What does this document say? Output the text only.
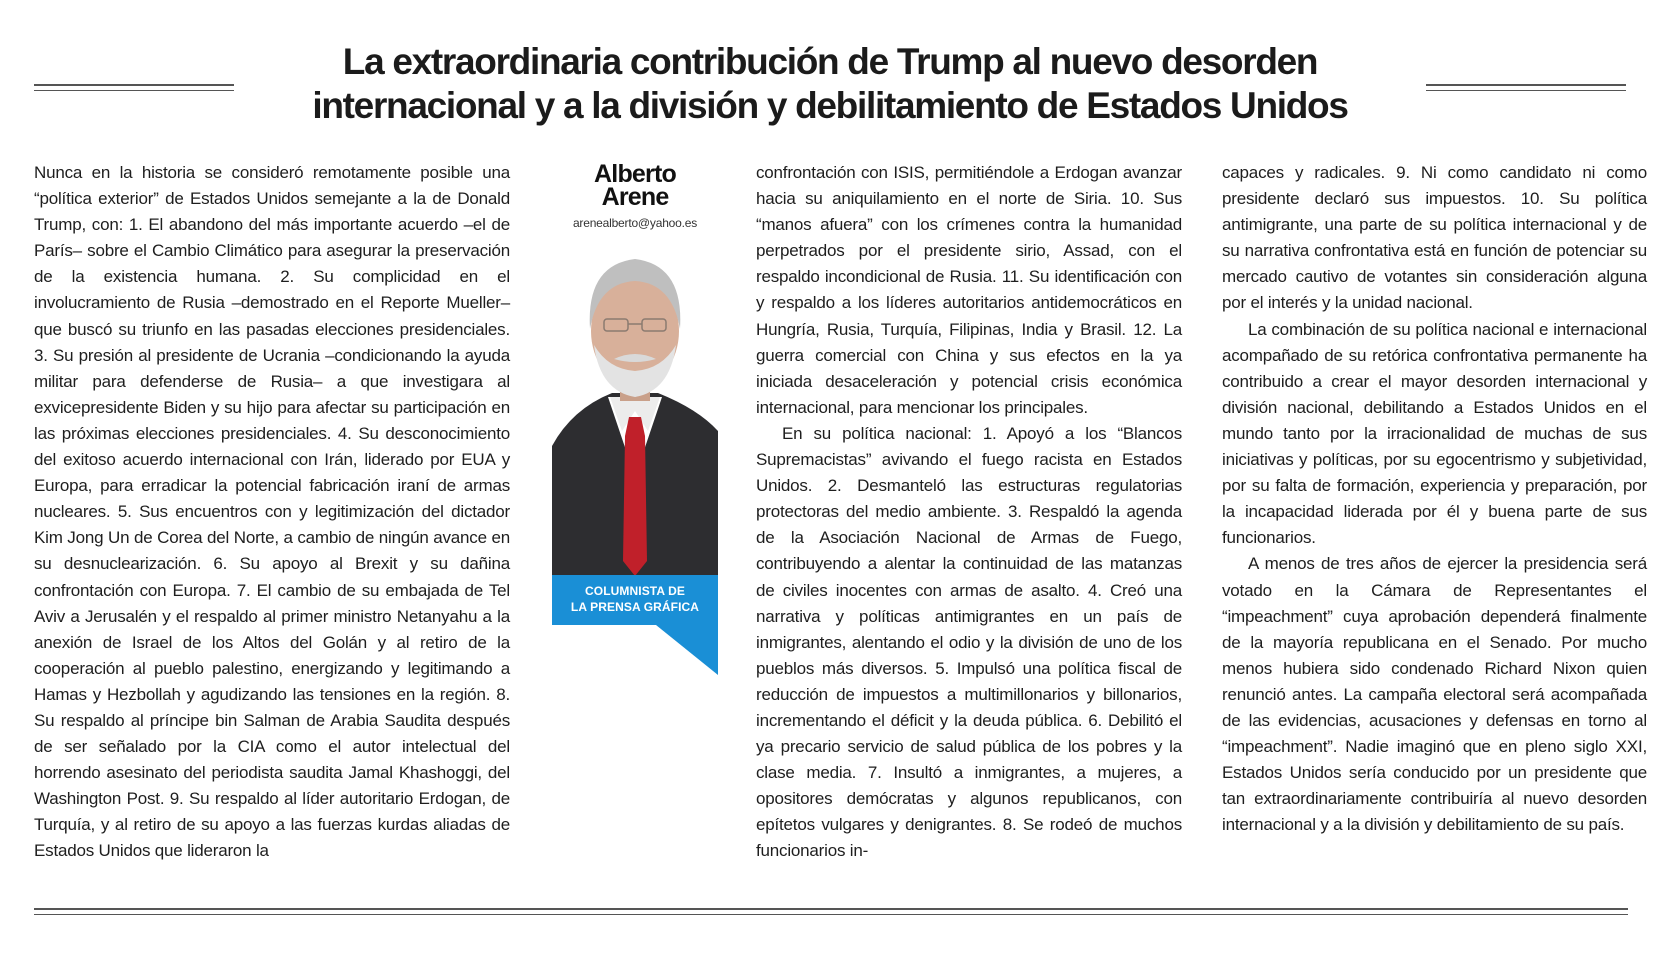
La extraordinaria contribución de Trump al nuevo desorden
internacional y a la división y debilitamiento de Estados Unidos

Nunca en la historia se consideró remotamente posible una “política exterior” de Estados Unidos semejante a la de Donald Trump, con: 1. El abandono del más importante acuerdo –el de París– sobre el Cambio Climático para asegurar la preservación de la existencia humana. 2. Su complicidad en el involucramiento de Rusia –demostrado en el Reporte Mueller– que buscó su triunfo en las pasadas elecciones presidenciales. 3. Su presión al presidente de Ucrania –condicionando la ayuda militar para defenderse de Rusia– a que investigara al exvicepresidente Biden y su hijo para afectar su participación en las próximas elecciones presidenciales. 4. Su desconocimiento del exitoso acuerdo internacional con Irán, liderado por EUA y Europa, para erradicar la potencial fabricación iraní de armas nucleares. 5. Sus encuentros con y legitimización del dictador Kim Jong Un de Corea del Norte, a cambio de ningún avance en su desnuclearización. 6. Su apoyo al Brexit y su dañina confrontación con Europa. 7. El cambio de su embajada de Tel Aviv a Jerusalén y el respaldo al primer ministro Netanyahu a la anexión de Israel de los Altos del Golán y al retiro de la cooperación al pueblo palestino, energizando y legitimando a Hamas y Hezbollah y agudizando las tensiones en la región. 8. Su respaldo al príncipe bin Salman de Arabia Saudita después de ser señalado por la CIA como el autor intelectual del horrendo asesinato del periodista saudita Jamal Khashoggi, del Washington Post. 9. Su respaldo al líder autoritario Erdogan, de Turquía, y al retiro de su apoyo a las fuerzas kurdas aliadas de Estados Unidos que lideraron la

Alberto
Arene
arenealberto@yahoo.es
COLUMNISTA DE
LA PRENSA GRÁFICA

confrontación con ISIS, permitiéndole a Erdogan avanzar hacia su aniquilamiento en el norte de Siria. 10. Sus “manos afuera” con los crímenes contra la humanidad perpetrados por el presidente sirio, Assad, con el respaldo incondicional de Rusia. 11. Su identificación con y respaldo a los líderes autoritarios antidemocráticos en Hungría, Rusia, Turquía, Filipinas, India y Brasil. 12. La guerra comercial con China y sus efectos en la ya iniciada desaceleración y potencial crisis económica internacional, para mencionar los principales.

En su política nacional: 1. Apoyó a los “Blancos Supremacistas” avivando el fuego racista en Estados Unidos. 2. Desmanteló las estructuras regulatorias protectoras del medio ambiente. 3. Respaldó la agenda de la Asociación Nacional de Armas de Fuego, contribuyendo a alentar la continuidad de las matanzas de civiles inocentes con armas de asalto. 4. Creó una narrativa y políticas antimigrantes en un país de inmigrantes, alentando el odio y la división de uno de los pueblos más diversos. 5. Impulsó una política fiscal de reducción de impuestos a multimillonarios y billonarios, incrementando el déficit y la deuda pública. 6. Debilitó el ya precario servicio de salud pública de los pobres y la clase media. 7. Insultó a inmigrantes, a mujeres, a opositores demócratas y algunos republicanos, con epítetos vulgares y denigrantes. 8. Se rodeó de muchos funcionarios in-

capaces y radicales. 9. Ni como candidato ni como presidente declaró sus impuestos. 10. Su política antimigrante, una parte de su política internacional y de su narrativa confrontativa está en función de potenciar su mercado cautivo de votantes sin consideración alguna por el interés y la unidad nacional.

La combinación de su política nacional e internacional acompañado de su retórica confrontativa permanente ha contribuido a crear el mayor desorden internacional y división nacional, debilitando a Estados Unidos en el mundo tanto por la irracionalidad de muchas de sus iniciativas y políticas, por su egocentrismo y subjetividad, por su falta de formación, experiencia y preparación, por la incapacidad liderada por él y buena parte de sus funcionarios.

A menos de tres años de ejercer la presidencia será votado en la Cámara de Representantes el “impeachment” cuya aprobación dependerá finalmente de la mayoría republicana en el Senado. Por mucho menos hubiera sido condenado Richard Nixon quien renunció antes. La campaña electoral será acompañada de las evidencias, acusaciones y defensas en torno al “impeachment”. Nadie imaginó que en pleno siglo XXI, Estados Unidos sería conducido por un presidente que tan extraordinariamente contribuiría al nuevo desorden internacional y a la división y debilitamiento de su país.
